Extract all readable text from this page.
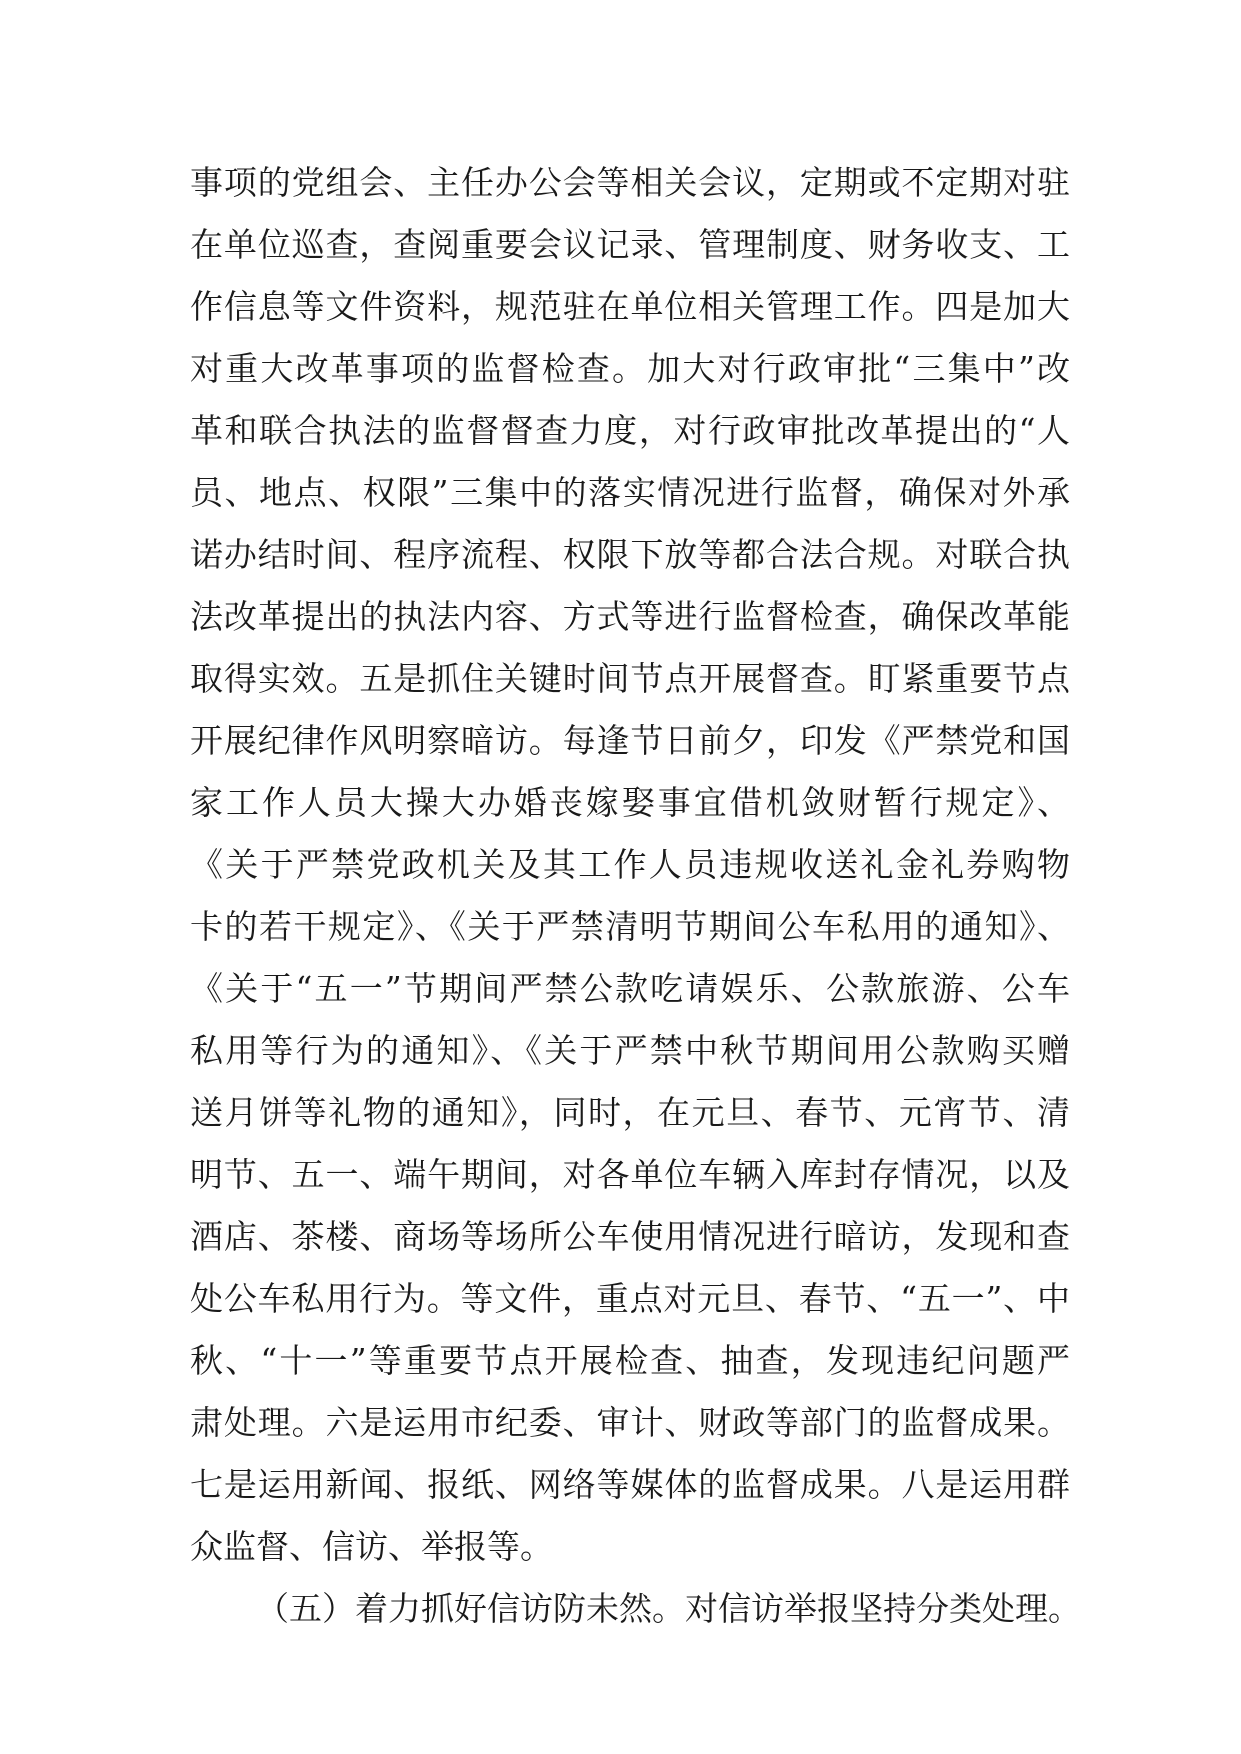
事项的党组会、主任办公会等相关会议，定期或不定期对驻
在单位巡查，查阅重要会议记录、管理制度、财务收支、工
作信息等文件资料，规范驻在单位相关管理工作。四是加大
对重大改革事项的监督检查。加大对行政审批“三集中”改
革和联合执法的监督督查力度，对行政审批改革提出的“人
员、地点、权限”三集中的落实情况进行监督，确保对外承
诺办结时间、程序流程、权限下放等都合法合规。对联合执
法改革提出的执法内容、方式等进行监督检查，确保改革能
取得实效。五是抓住关键时间节点开展督查。盯紧重要节点
开展纪律作风明察暗访。每逢节日前夕，印发《严禁党和国
家工作人员大操大办婚丧嫁娶事宜借机敛财暂行规定》、
《关于严禁党政机关及其工作人员违规收送礼金礼券购物
卡的若干规定》、《关于严禁清明节期间公车私用的通知》、
《关于“五一”节期间严禁公款吃请娱乐、公款旅游、公车
私用等行为的通知》、《关于严禁中秋节期间用公款购买赠
送月饼等礼物的通知》，同时，在元旦、春节、元宵节、清
明节、五一、端午期间，对各单位车辆入库封存情况，以及
酒店、茶楼、商场等场所公车使用情况进行暗访，发现和查
处公车私用行为。等文件，重点对元旦、春节、“五一”、中
秋、“十一”等重要节点开展检查、抽查，发现违纪问题严
肃处理。六是运用市纪委、审计、财政等部门的监督成果。
七是运用新闻、报纸、网络等媒体的监督成果。八是运用群
众监督、信访、举报等。
（五）着力抓好信访防未然。对信访举报坚持分类处理。
